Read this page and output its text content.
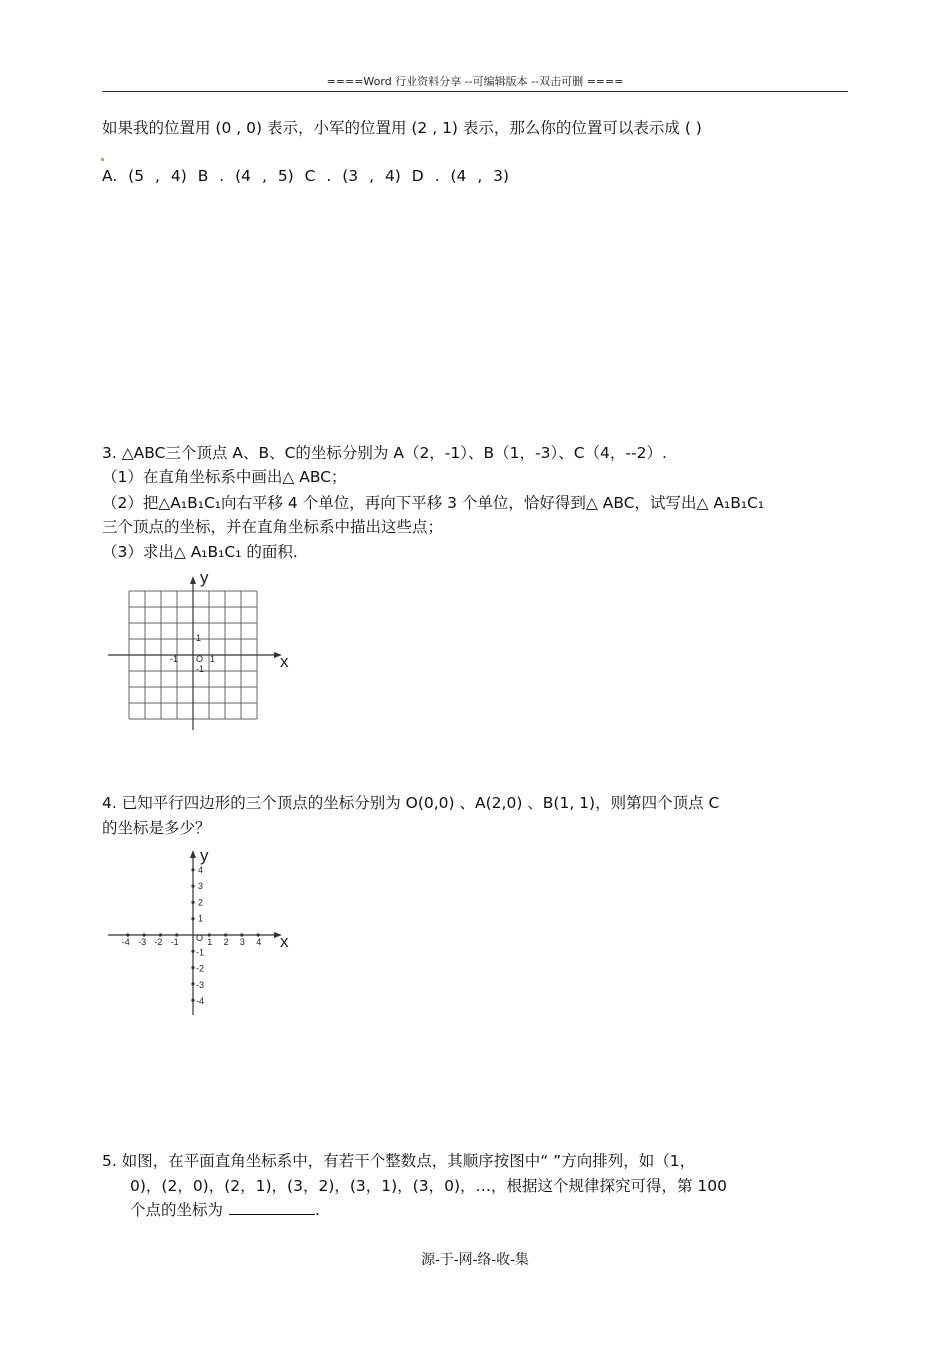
====Word 行业资料分享 --可编辑版本 --双击可删 ====
如果我的位置用 (0 , 0) 表示，小军的位置用 (2 , 1) 表示，那么你的位置可以表示成 ( )
A. (5 , 4) B . (4 , 5) C . (3 , 4) D . (4 , 3)
3. △ABC三个顶点 A、B、C的坐标分别为 A（2，-1）、B（1，-3）、C（4，--2）.
（1）在直角坐标系中画出△ ABC；
（2）把△A₁B₁C₁向右平移 4 个单位，再向下平移 3 个单位，恰好得到△ ABC，试写出△ A₁B₁C₁
三个顶点的坐标，并在直角坐标系中描出这些点；
（3）求出△ A₁B₁C₁ 的面积.
y
x
O 1
-1
1
-1
4. 已知平行四边形的三个顶点的坐标分别为 O(0,0) 、A(2,0) 、B(1, 1)，则第四个顶点 C
的坐标是多少？
-4 -3 -2 -1	1 2 3 4
4
3
2
1
-1
-2
-3
-4
y
x
O
5. 如图，在平面直角坐标系中，有若干个整数点，其顺序按图中“ ”方向排列，如（1，
0)，(2，0)，(2，1)，(3，2)，(3，1)，(3，0)，…，根据这个规律探究可得，第 100
个点的坐标为	.
源-于-网-络-收-集
